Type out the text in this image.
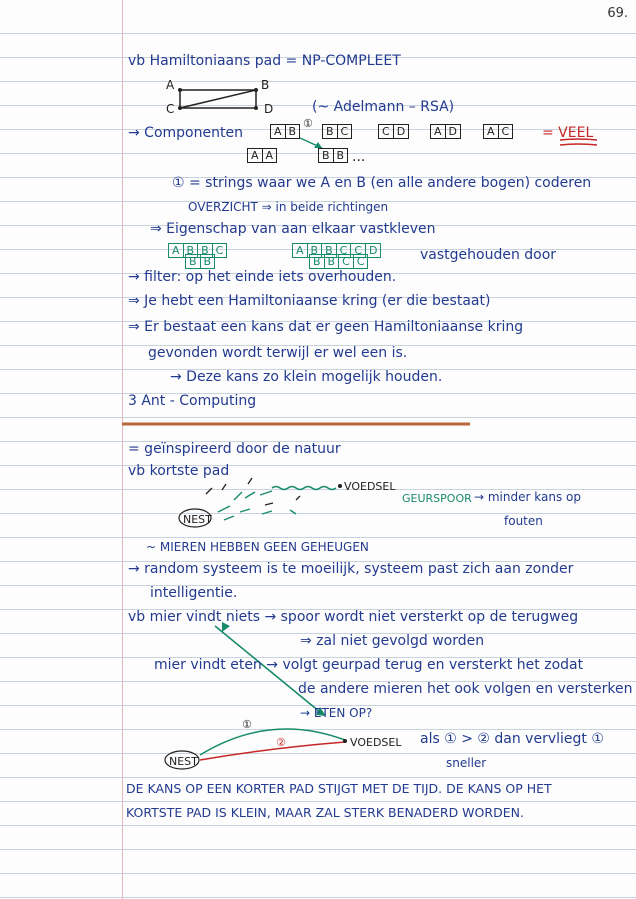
69.
vb Hamiltoniaans pad = NP-COMPLEET
A	B
C	D	(~ Adelmann – RSA)
→ Componenten
①
A B	B C	C D	A D	A C = VEEL
A A	B B ...
① = strings waar we A en B (en alle andere bogen) coderen
OVERZICHT ⇒ in beide richtingen
⇒ Eigenschap van aan elkaar vastkleven
A B B C
B B
A B B C C D
B B C C	vastgehouden door
→ filter: op het einde iets overhouden.
⇒ Je hebt een Hamiltoniaanse kring (er die bestaat)
⇒ Er bestaat een kans dat er geen Hamiltoniaanse kring
gevonden wordt terwijl er wel een is.
→ Deze kans zo klein mogelijk houden.
3 Ant - Computing
= geïnspireerd door de natuur
vb kortste pad
VOEDSEL
GEURSPOOR → minder kans op
fouten
NEST
~ MIEREN HEBBEN GEEN GEHEUGEN
→ random systeem is te moeilijk, systeem past zich aan zonder
intelligentie.
vb mier vindt niets → spoor wordt niet versterkt op de terugweg
⇒ zal niet gevolgd worden
mier vindt eten → volgt geurpad terug en versterkt het zodat
de andere mieren het ook volgen en versterken
→ ETEN OP?
①
②	VOEDSEL als ① > ② dan vervliegt ①
sneller
NEST
DE KANS OP EEN KORTER PAD STIJGT MET DE TIJD. DE KANS OP HET
KORTSTE PAD IS KLEIN, MAAR ZAL STERK BENADERD WORDEN.
